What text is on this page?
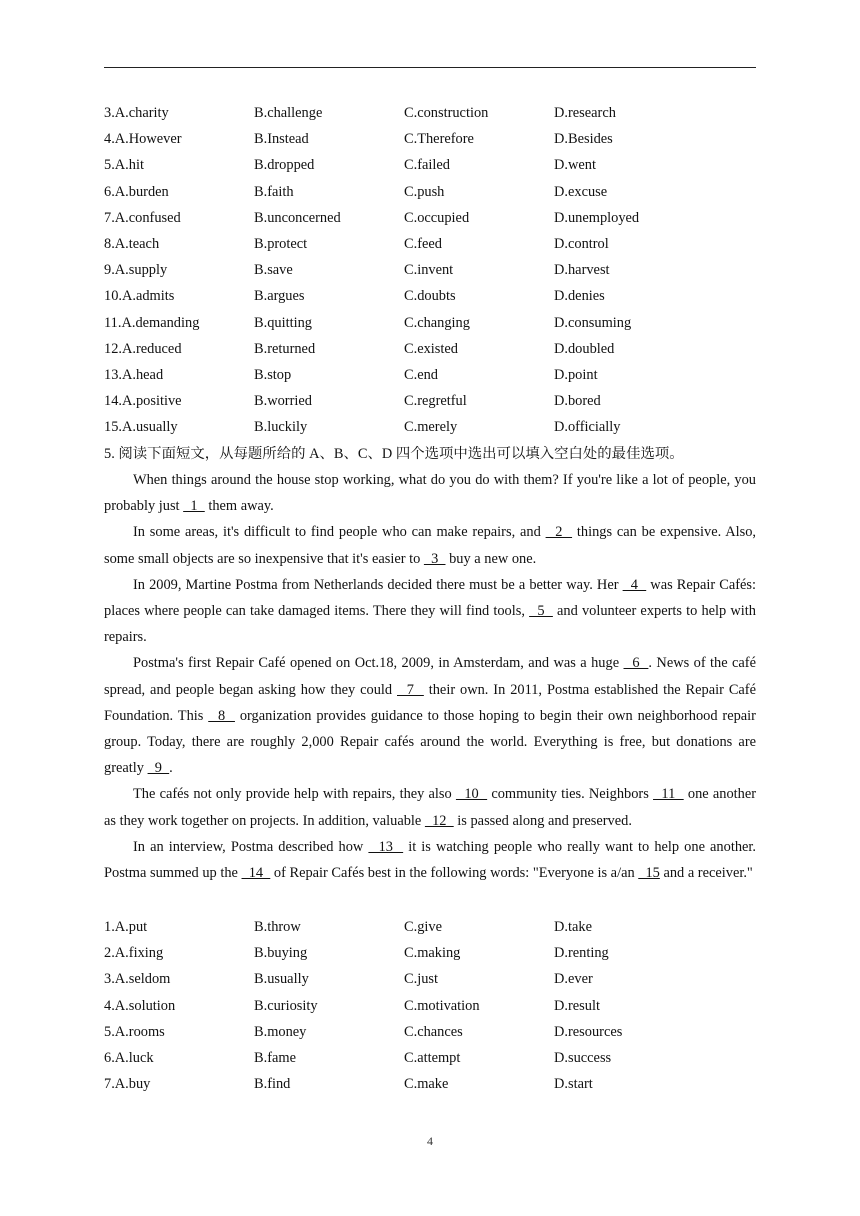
3.A.charity	B.challenge	C.construction	D.research
4.A.However	B.Instead	C.Therefore	D.Besides
5.A.hit	B.dropped	C.failed	D.went
6.A.burden	B.faith	C.push	D.excuse
7.A.confused	B.unconcerned	C.occupied	D.unemployed
8.A.teach	B.protect	C.feed	D.control
9.A.supply	B.save	C.invent	D.harvest
10.A.admits	B.argues	C.doubts	D.denies
11.A.demanding	B.quitting	C.changing	D.consuming
12.A.reduced	B.returned	C.existed	D.doubled
13.A.head	B.stop	C.end	D.point
14.A.positive	B.worried	C.regretful	D.bored
15.A.usually	B.luckily	C.merely	D.officially
5. 阅读下面短文，从每题所给的 A、B、C、D 四个选项中选出可以填入空白处的最佳选项。

When things around the house stop working, what do you do with them? If you're like a lot of people, you probably just   1   them away.

In some areas, it's difficult to find people who can make repairs, and   2   things can be expensive. Also, some small objects are so inexpensive that it's easier to   3   buy a new one.

In 2009, Martine Postma from Netherlands decided there must be a better way. Her   4   was Repair Cafés: places where people can take damaged items. There they will find tools,   5   and volunteer experts to help with repairs.

Postma's first Repair Café opened on Oct.18, 2009, in Amsterdam, and was a huge   6  . News of the café spread, and people began asking how they could   7   their own. In 2011, Postma established the Repair Café Foundation. This   8   organization provides guidance to those hoping to begin their own neighborhood repair group. Today, there are roughly 2,000 Repair cafés around the world. Everything is free, but donations are greatly   9  .

The cafés not only provide help with repairs, they also   10   community ties. Neighbors   11   one another as they work together on projects. In addition, valuable   12   is passed along and preserved.

In an interview, Postma described how   13   it is watching people who really want to help one another. Postma summed up the   14   of Repair Cafés best in the following words: "Everyone is a/an   15 and a receiver."

1.A.put	B.throw	C.give	D.take
2.A.fixing	B.buying	C.making	D.renting
3.A.seldom	B.usually	C.just	D.ever
4.A.solution	B.curiosity	C.motivation	D.result
5.A.rooms	B.money	C.chances	D.resources
6.A.luck	B.fame	C.attempt	D.success
7.A.buy	B.find	C.make	D.start
4
